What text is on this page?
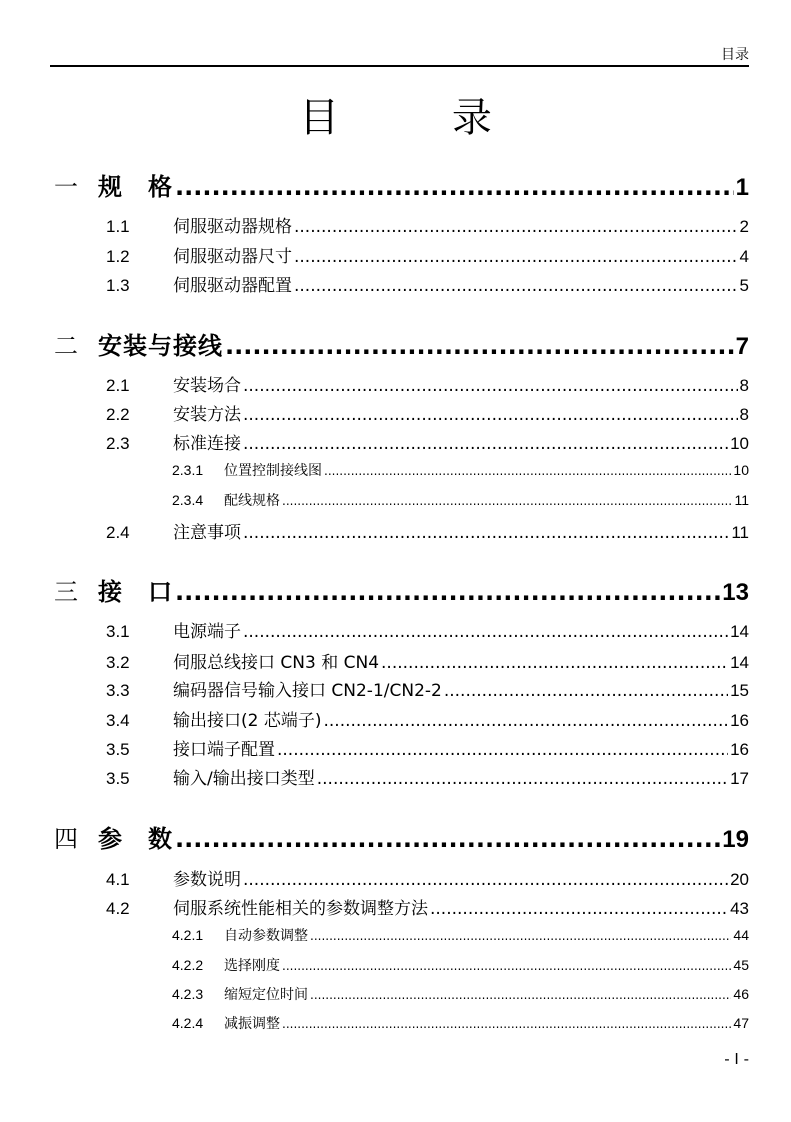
目录
目 录
一 规　格 .....	1
1.1	伺服驱动器规格 .....	2
1.2	伺服驱动器尺寸 .....	4
1.3	伺服驱动器配置 .....	5
二 安装与接线 .....	7
2.1	安装场合 .....	8
2.2	安装方法 .....	8
2.3	标准连接 .....	10
2.3.1	位置控制接线图 .....	10
2.3.4	配线规格 .....	11
2.4	注意事项 .....	11
三 接　口 .....	13
3.1	电源端子 .....	14
3.2	伺服总线接口 CN3 和 CN4 .....	14
3.3	编码器信号输入接口 CN2-1/CN2-2 .....	15
3.4	输出接口(2 芯端子) .....	16
3.5	接口端子配置 .....	16
3.5	输入/输出接口类型 .....	17
四 参　数 .....	19
4.1	参数说明 .....	20
4.2	伺服系统性能相关的参数调整方法 .....	43
4.2.1	自动参数调整 .....	44
4.2.2	选择刚度 .....	45
4.2.3	缩短定位时间 .....	46
4.2.4	减振调整 .....	47
- I -
